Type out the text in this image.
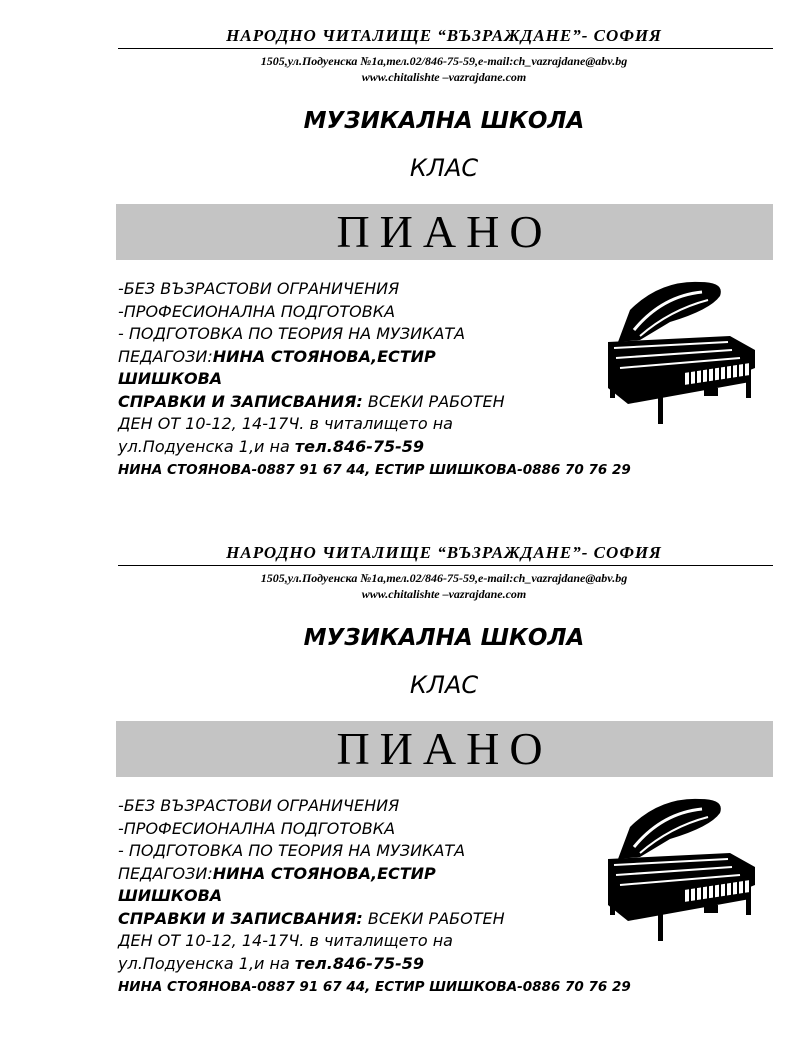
НАРОДНО ЧИТАЛИЩЕ “ВЪЗРАЖДАНЕ”- СОФИЯ
1505,ул.Подуенска №1а,тел.02/846-75-59,e-mail:ch_vazrajdane@abv.bg
www.chitalishte –vazrajdane.com
МУЗИКАЛНА ШКОЛА
КЛАС
ПИАНО
-БЕЗ ВЪЗРАСТОВИ ОГРАНИЧЕНИЯ
-ПРОФЕСИОНАЛНА ПОДГОТОВКА
- ПОДГОТОВКА ПО ТЕОРИЯ НА МУЗИКАТА
ПЕДАГОЗИ:НИНА СТОЯНОВА,ЕСТИР
ШИШКОВА
СПРАВКИ И ЗАПИСВАНИЯ: ВСЕКИ РАБОТЕН
ДЕН ОТ 10-12, 14-17Ч. в читалището на
ул.Подуенска 1,и на тел.846-75-59
НИНА СТОЯНОВА-0887 91 67 44, ЕСТИР ШИШКОВА-0886 70 76 29
НАРОДНО ЧИТАЛИЩЕ “ВЪЗРАЖДАНЕ”- СОФИЯ
1505,ул.Подуенска №1а,тел.02/846-75-59,e-mail:ch_vazrajdane@abv.bg
www.chitalishte –vazrajdane.com
МУЗИКАЛНА ШКОЛА
КЛАС
ПИАНО
-БЕЗ ВЪЗРАСТОВИ ОГРАНИЧЕНИЯ
-ПРОФЕСИОНАЛНА ПОДГОТОВКА
- ПОДГОТОВКА ПО ТЕОРИЯ НА МУЗИКАТА
ПЕДАГОЗИ:НИНА СТОЯНОВА,ЕСТИР
ШИШКОВА
СПРАВКИ И ЗАПИСВАНИЯ: ВСЕКИ РАБОТЕН
ДЕН ОТ 10-12, 14-17Ч. в читалището на
ул.Подуенска 1,и на тел.846-75-59
НИНА СТОЯНОВА-0887 91 67 44, ЕСТИР ШИШКОВА-0886 70 76 29
